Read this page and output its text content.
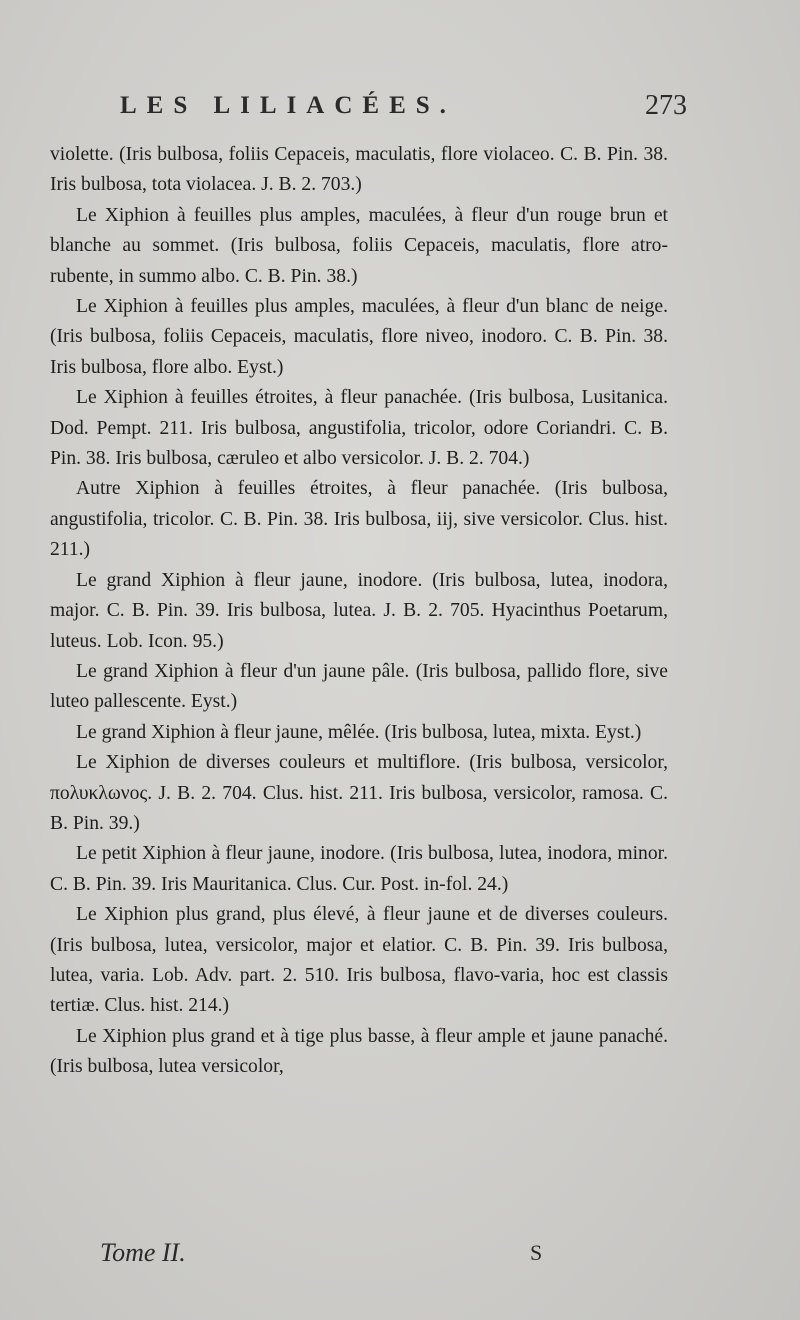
LES LILIACÉES.	273

violette. (Iris bulbosa, foliis Cepaceis, maculatis, flore violaceo. C. B. Pin. 38. Iris bulbosa, tota violacea. J. B. 2. 703.)

Le Xiphion à feuilles plus amples, maculées, à fleur d'un rouge brun et blanche au sommet. (Iris bulbosa, foliis Cepaceis, maculatis, flore atro-rubente, in summo albo. C. B. Pin. 38.)

Le Xiphion à feuilles plus amples, maculées, à fleur d'un blanc de neige. (Iris bulbosa, foliis Cepaceis, maculatis, flore niveo, inodoro. C. B. Pin. 38. Iris bulbosa, flore albo. Eyst.)

Le Xiphion à feuilles étroites, à fleur panachée. (Iris bulbosa, Lusitanica. Dod. Pempt. 211. Iris bulbosa, angustifolia, tricolor, odore Coriandri. C. B. Pin. 38. Iris bulbosa, cæruleo et albo versicolor. J. B. 2. 704.)

Autre Xiphion à feuilles étroites, à fleur panachée. (Iris bulbosa, angustifolia, tricolor. C. B. Pin. 38. Iris bulbosa, iij, sive versicolor. Clus. hist. 211.)

Le grand Xiphion à fleur jaune, inodore. (Iris bulbosa, lutea, inodora, major. C. B. Pin. 39. Iris bulbosa, lutea. J. B. 2. 705. Hyacinthus Poetarum, luteus. Lob. Icon. 95.)

Le grand Xiphion à fleur d'un jaune pâle. (Iris bulbosa, pallido flore, sive luteo pallescente. Eyst.)

Le grand Xiphion à fleur jaune, mêlée. (Iris bulbosa, lutea, mixta. Eyst.)

Le Xiphion de diverses couleurs et multiflore. (Iris bulbosa, versicolor, πολυκλωνος. J. B. 2. 704. Clus. hist. 211. Iris bulbosa, versicolor, ramosa. C. B. Pin. 39.)

Le petit Xiphion à fleur jaune, inodore. (Iris bulbosa, lutea, inodora, minor. C. B. Pin. 39. Iris Mauritanica. Clus. Cur. Post. in-fol. 24.)

Le Xiphion plus grand, plus élevé, à fleur jaune et de diverses couleurs. (Iris bulbosa, lutea, versicolor, major et elatior. C. B. Pin. 39. Iris bulbosa, lutea, varia. Lob. Adv. part. 2. 510. Iris bulbosa, flavo-varia, hoc est classis tertiæ. Clus. hist. 214.)

Le Xiphion plus grand et à tige plus basse, à fleur ample et jaune panaché. (Iris bulbosa, lutea versicolor,

Tome II.	S
